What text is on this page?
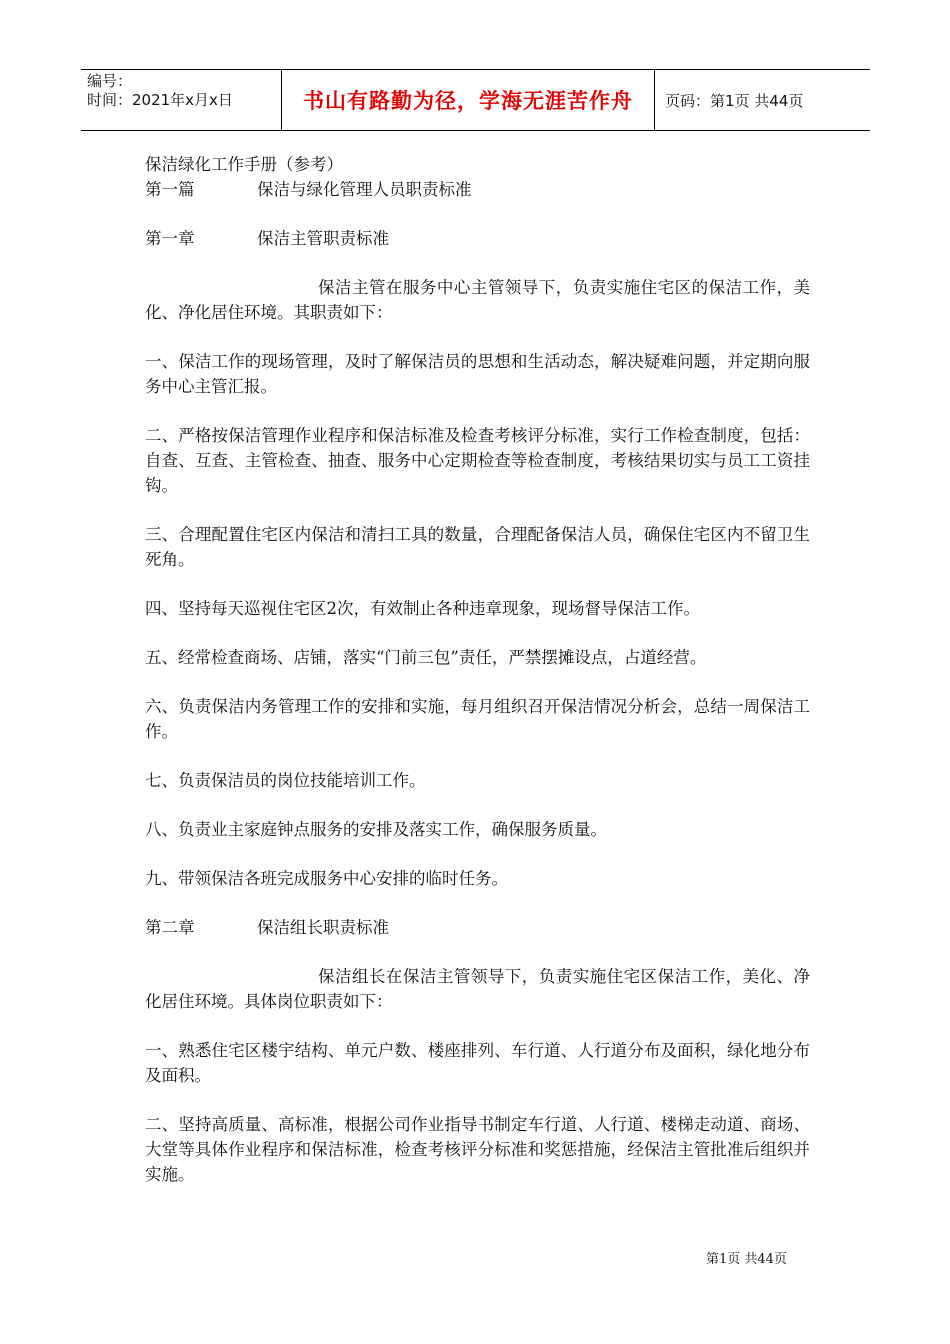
编号：
时间：2021年x月x日	书山有路勤为径，学海无涯苦作舟	页码：第1页 共44页

保洁绿化工作手册（参考）

第一篇	保洁与绿化管理人员职责标准

第一章	保洁主管职责标准

保洁主管在服务中心主管领导下，负责实施住宅区的保洁工作，美化、净化居住环境。其职责如下：

一、保洁工作的现场管理，及时了解保洁员的思想和生活动态，解决疑难问题，并定期向服务中心主管汇报。

二、严格按保洁管理作业程序和保洁标准及检查考核评分标准，实行工作检查制度，包括：自查、互查、主管检查、抽查、服务中心定期检查等检查制度，考核结果切实与员工工资挂钩。

三、合理配置住宅区内保洁和清扫工具的数量，合理配备保洁人员，确保住宅区内不留卫生死角。

四、坚持每天巡视住宅区2次，有效制止各种违章现象，现场督导保洁工作。

五、经常检查商场、店铺，落实“门前三包”责任，严禁摆摊设点，占道经营。

六、负责保洁内务管理工作的安排和实施，每月组织召开保洁情况分析会，总结一周保洁工作。

七、负责保洁员的岗位技能培训工作。

八、负责业主家庭钟点服务的安排及落实工作，确保服务质量。

九、带领保洁各班完成服务中心安排的临时任务。

第二章	保洁组长职责标准

保洁组长在保洁主管领导下，负责实施住宅区保洁工作，美化、净化居住环境。具体岗位职责如下：

一、熟悉住宅区楼宇结构、单元户数、楼座排列、车行道、人行道分布及面积，绿化地分布及面积。

二、坚持高质量、高标准，根据公司作业指导书制定车行道、人行道、楼梯走动道、商场、大堂等具体作业程序和保洁标准，检查考核评分标准和奖惩措施，经保洁主管批准后组织并实施。

第1页 共44页
